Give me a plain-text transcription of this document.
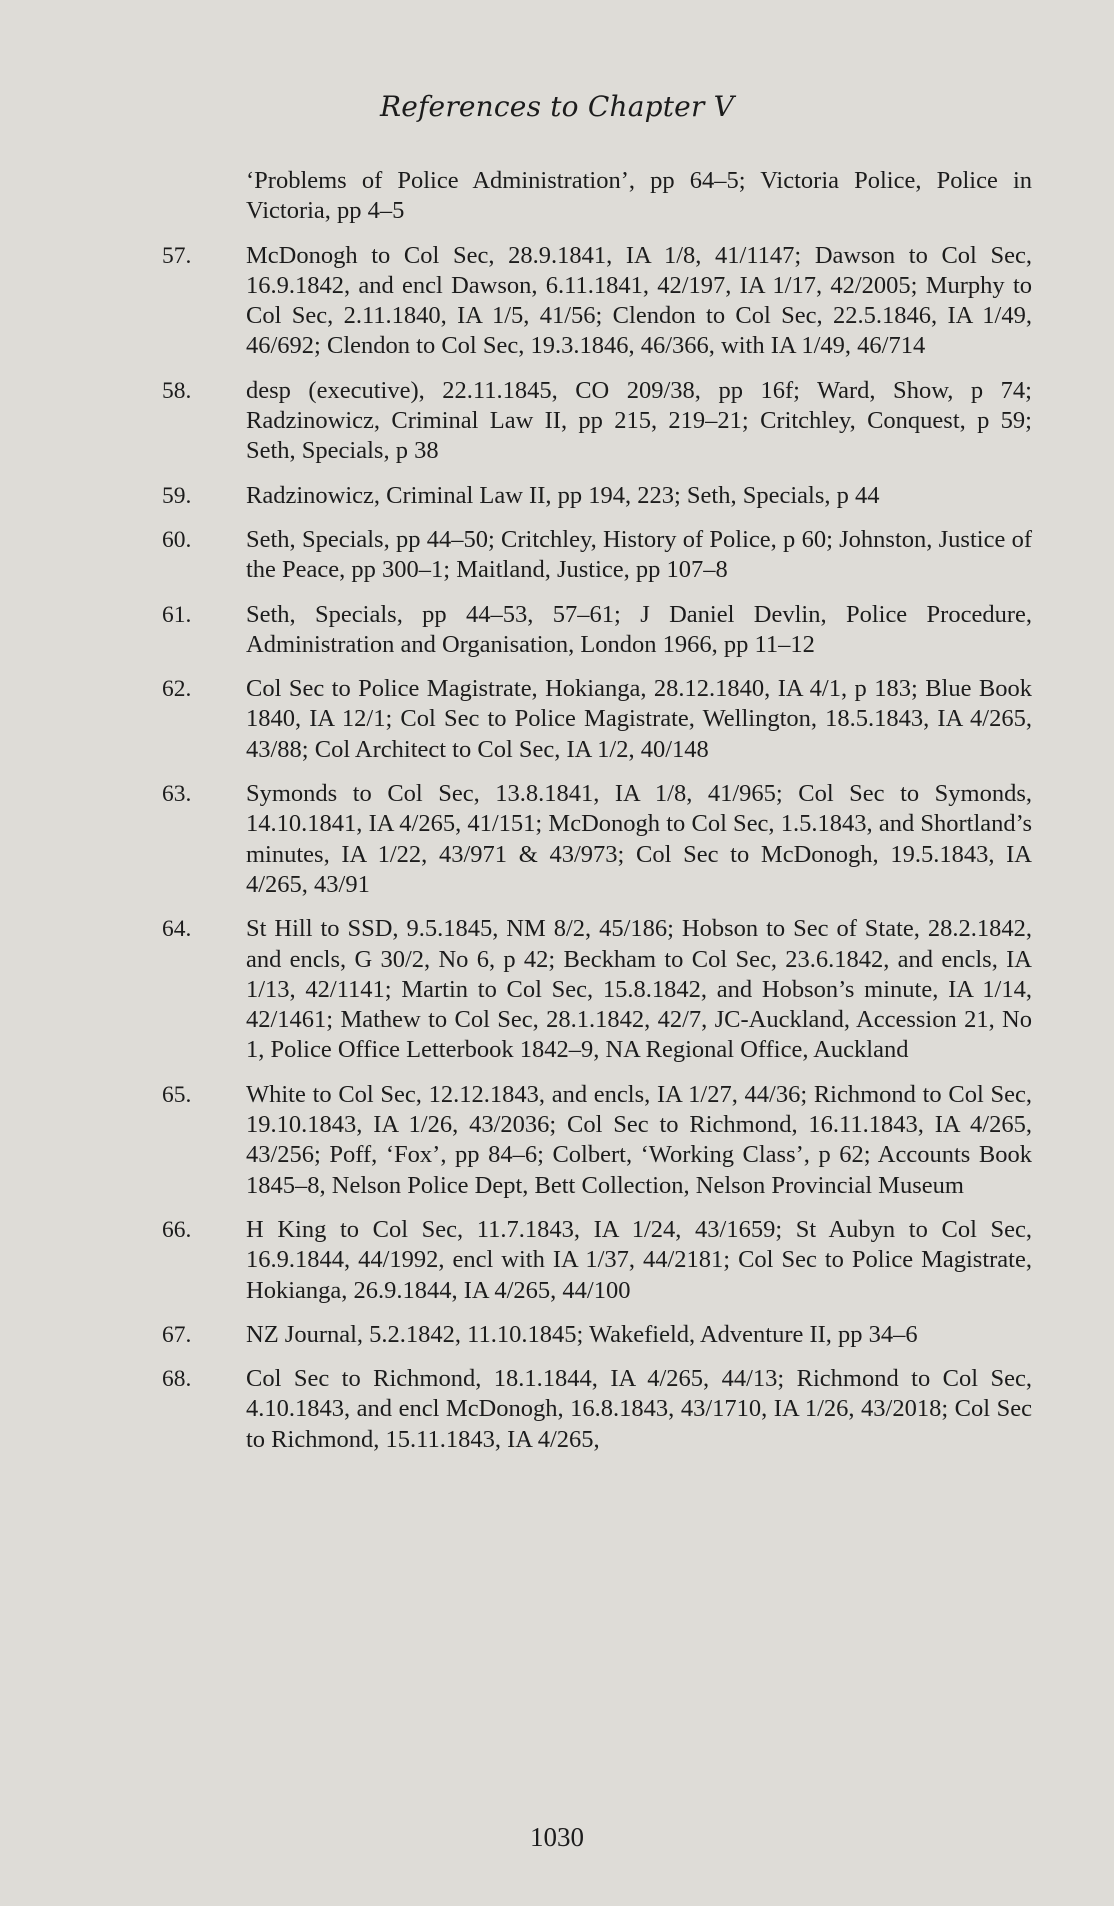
References to Chapter V
‘Problems of Police Administration’, pp 64–5; Victoria Police, Police in Victoria, pp 4–5
57. McDonogh to Col Sec, 28.9.1841, IA 1/8, 41/1147; Dawson to Col Sec, 16.9.1842, and encl Dawson, 6.11.1841, 42/197, IA 1/17, 42/2005; Murphy to Col Sec, 2.11.1840, IA 1/5, 41/56; Clendon to Col Sec, 22.5.1846, IA 1/49, 46/692; Clendon to Col Sec, 19.3.1846, 46/366, with IA 1/49, 46/714
58. desp (executive), 22.11.1845, CO 209/38, pp 16f; Ward, Show, p 74; Radzinowicz, Criminal Law II, pp 215, 219–21; Critchley, Conquest, p 59; Seth, Specials, p 38
59. Radzinowicz, Criminal Law II, pp 194, 223; Seth, Specials, p 44
60. Seth, Specials, pp 44–50; Critchley, History of Police, p 60; Johnston, Justice of the Peace, pp 300–1; Maitland, Justice, pp 107–8
61. Seth, Specials, pp 44–53, 57–61; J Daniel Devlin, Police Procedure, Administration and Organisation, London 1966, pp 11–12
62. Col Sec to Police Magistrate, Hokianga, 28.12.1840, IA 4/1, p 183; Blue Book 1840, IA 12/1; Col Sec to Police Magistrate, Wellington, 18.5.1843, IA 4/265, 43/88; Col Architect to Col Sec, IA 1/2, 40/148
63. Symonds to Col Sec, 13.8.1841, IA 1/8, 41/965; Col Sec to Symonds, 14.10.1841, IA 4/265, 41/151; McDonogh to Col Sec, 1.5.1843, and Shortland’s minutes, IA 1/22, 43/971 & 43/973; Col Sec to McDonogh, 19.5.1843, IA 4/265, 43/91
64. St Hill to SSD, 9.5.1845, NM 8/2, 45/186; Hobson to Sec of State, 28.2.1842, and encls, G 30/2, No 6, p 42; Beckham to Col Sec, 23.6.1842, and encls, IA 1/13, 42/1141; Martin to Col Sec, 15.8.1842, and Hobson’s minute, IA 1/14, 42/1461; Mathew to Col Sec, 28.1.1842, 42/7, JC-Auckland, Accession 21, No 1, Police Office Letterbook 1842–9, NA Regional Office, Auckland
65. White to Col Sec, 12.12.1843, and encls, IA 1/27, 44/36; Richmond to Col Sec, 19.10.1843, IA 1/26, 43/2036; Col Sec to Richmond, 16.11.1843, IA 4/265, 43/256; Poff, ‘Fox’, pp 84–6; Colbert, ‘Working Class’, p 62; Accounts Book 1845–8, Nelson Police Dept, Bett Collection, Nelson Provincial Museum
66. H King to Col Sec, 11.7.1843, IA 1/24, 43/1659; St Aubyn to Col Sec, 16.9.1844, 44/1992, encl with IA 1/37, 44/2181; Col Sec to Police Magistrate, Hokianga, 26.9.1844, IA 4/265, 44/100
67. NZ Journal, 5.2.1842, 11.10.1845; Wakefield, Adventure II, pp 34–6
68. Col Sec to Richmond, 18.1.1844, IA 4/265, 44/13; Richmond to Col Sec, 4.10.1843, and encl McDonogh, 16.8.1843, 43/1710, IA 1/26, 43/2018; Col Sec to Richmond, 15.11.1843, IA 4/265,
1030
